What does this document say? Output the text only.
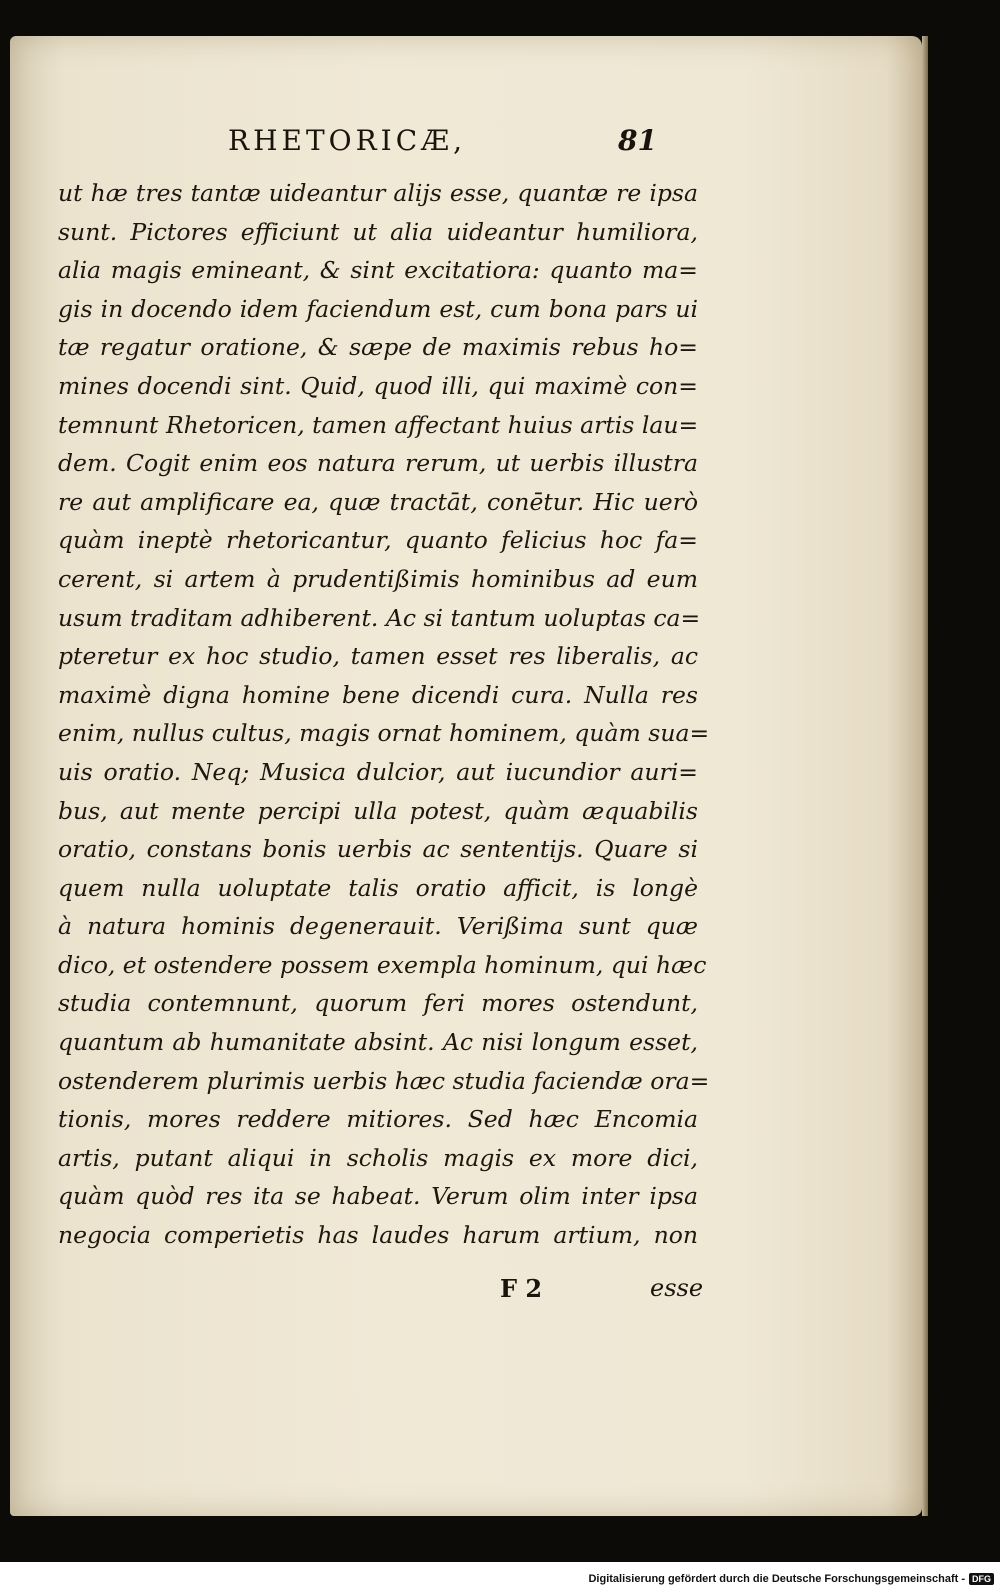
RHETORICÆ,	81
ut hæ tres tantæ uideantur alijs esse, quantæ re ipsa
sunt. Pictores efficiunt ut alia uideantur humiliora,
alia magis emineant, & sint excitatiora: quanto ma=
gis in docendo idem faciendum est, cum bona pars ui
tæ regatur oratione, & sæpe de maximis rebus ho=
mines docendi sint. Quid, quod illi, qui maximè con=
temnunt Rhetoricen, tamen affectant huius artis lau=
dem. Cogit enim eos natura rerum, ut uerbis illustra
re aut amplificare ea, quæ tractāt, conētur. Hic uerò
quàm ineptè rhetoricantur, quanto felicius hoc fa=
cerent, si artem à prudentißimis hominibus ad eum
usum traditam adhiberent. Ac si tantum uoluptas ca=
pteretur ex hoc studio, tamen esset res liberalis, ac
maximè digna homine bene dicendi cura. Nulla res
enim, nullus cultus, magis ornat hominem, quàm sua=
uis oratio. Neq; Musica dulcior, aut iucundior auri=
bus, aut mente percipi ulla potest, quàm æquabilis
oratio, constans bonis uerbis ac sententijs. Quare si
quem nulla uoluptate talis oratio afficit, is longè
à natura hominis degenerauit. Verißima sunt quæ
dico, et ostendere possem exempla hominum, qui hæc
studia contemnunt, quorum feri mores ostendunt,
quantum ab humanitate absint. Ac nisi longum esset,
ostenderem plurimis uerbis hæc studia faciendæ ora=
tionis, mores reddere mitiores. Sed hæc Encomia
artis, putant aliqui in scholis magis ex more dici,
quàm quòd res ita se habeat. Verum olim inter ipsa
negocia comperietis has laudes harum artium, non
F 2	esse
Digitalisierung gefördert durch die Deutsche Forschungsgemeinschaft - DFG
